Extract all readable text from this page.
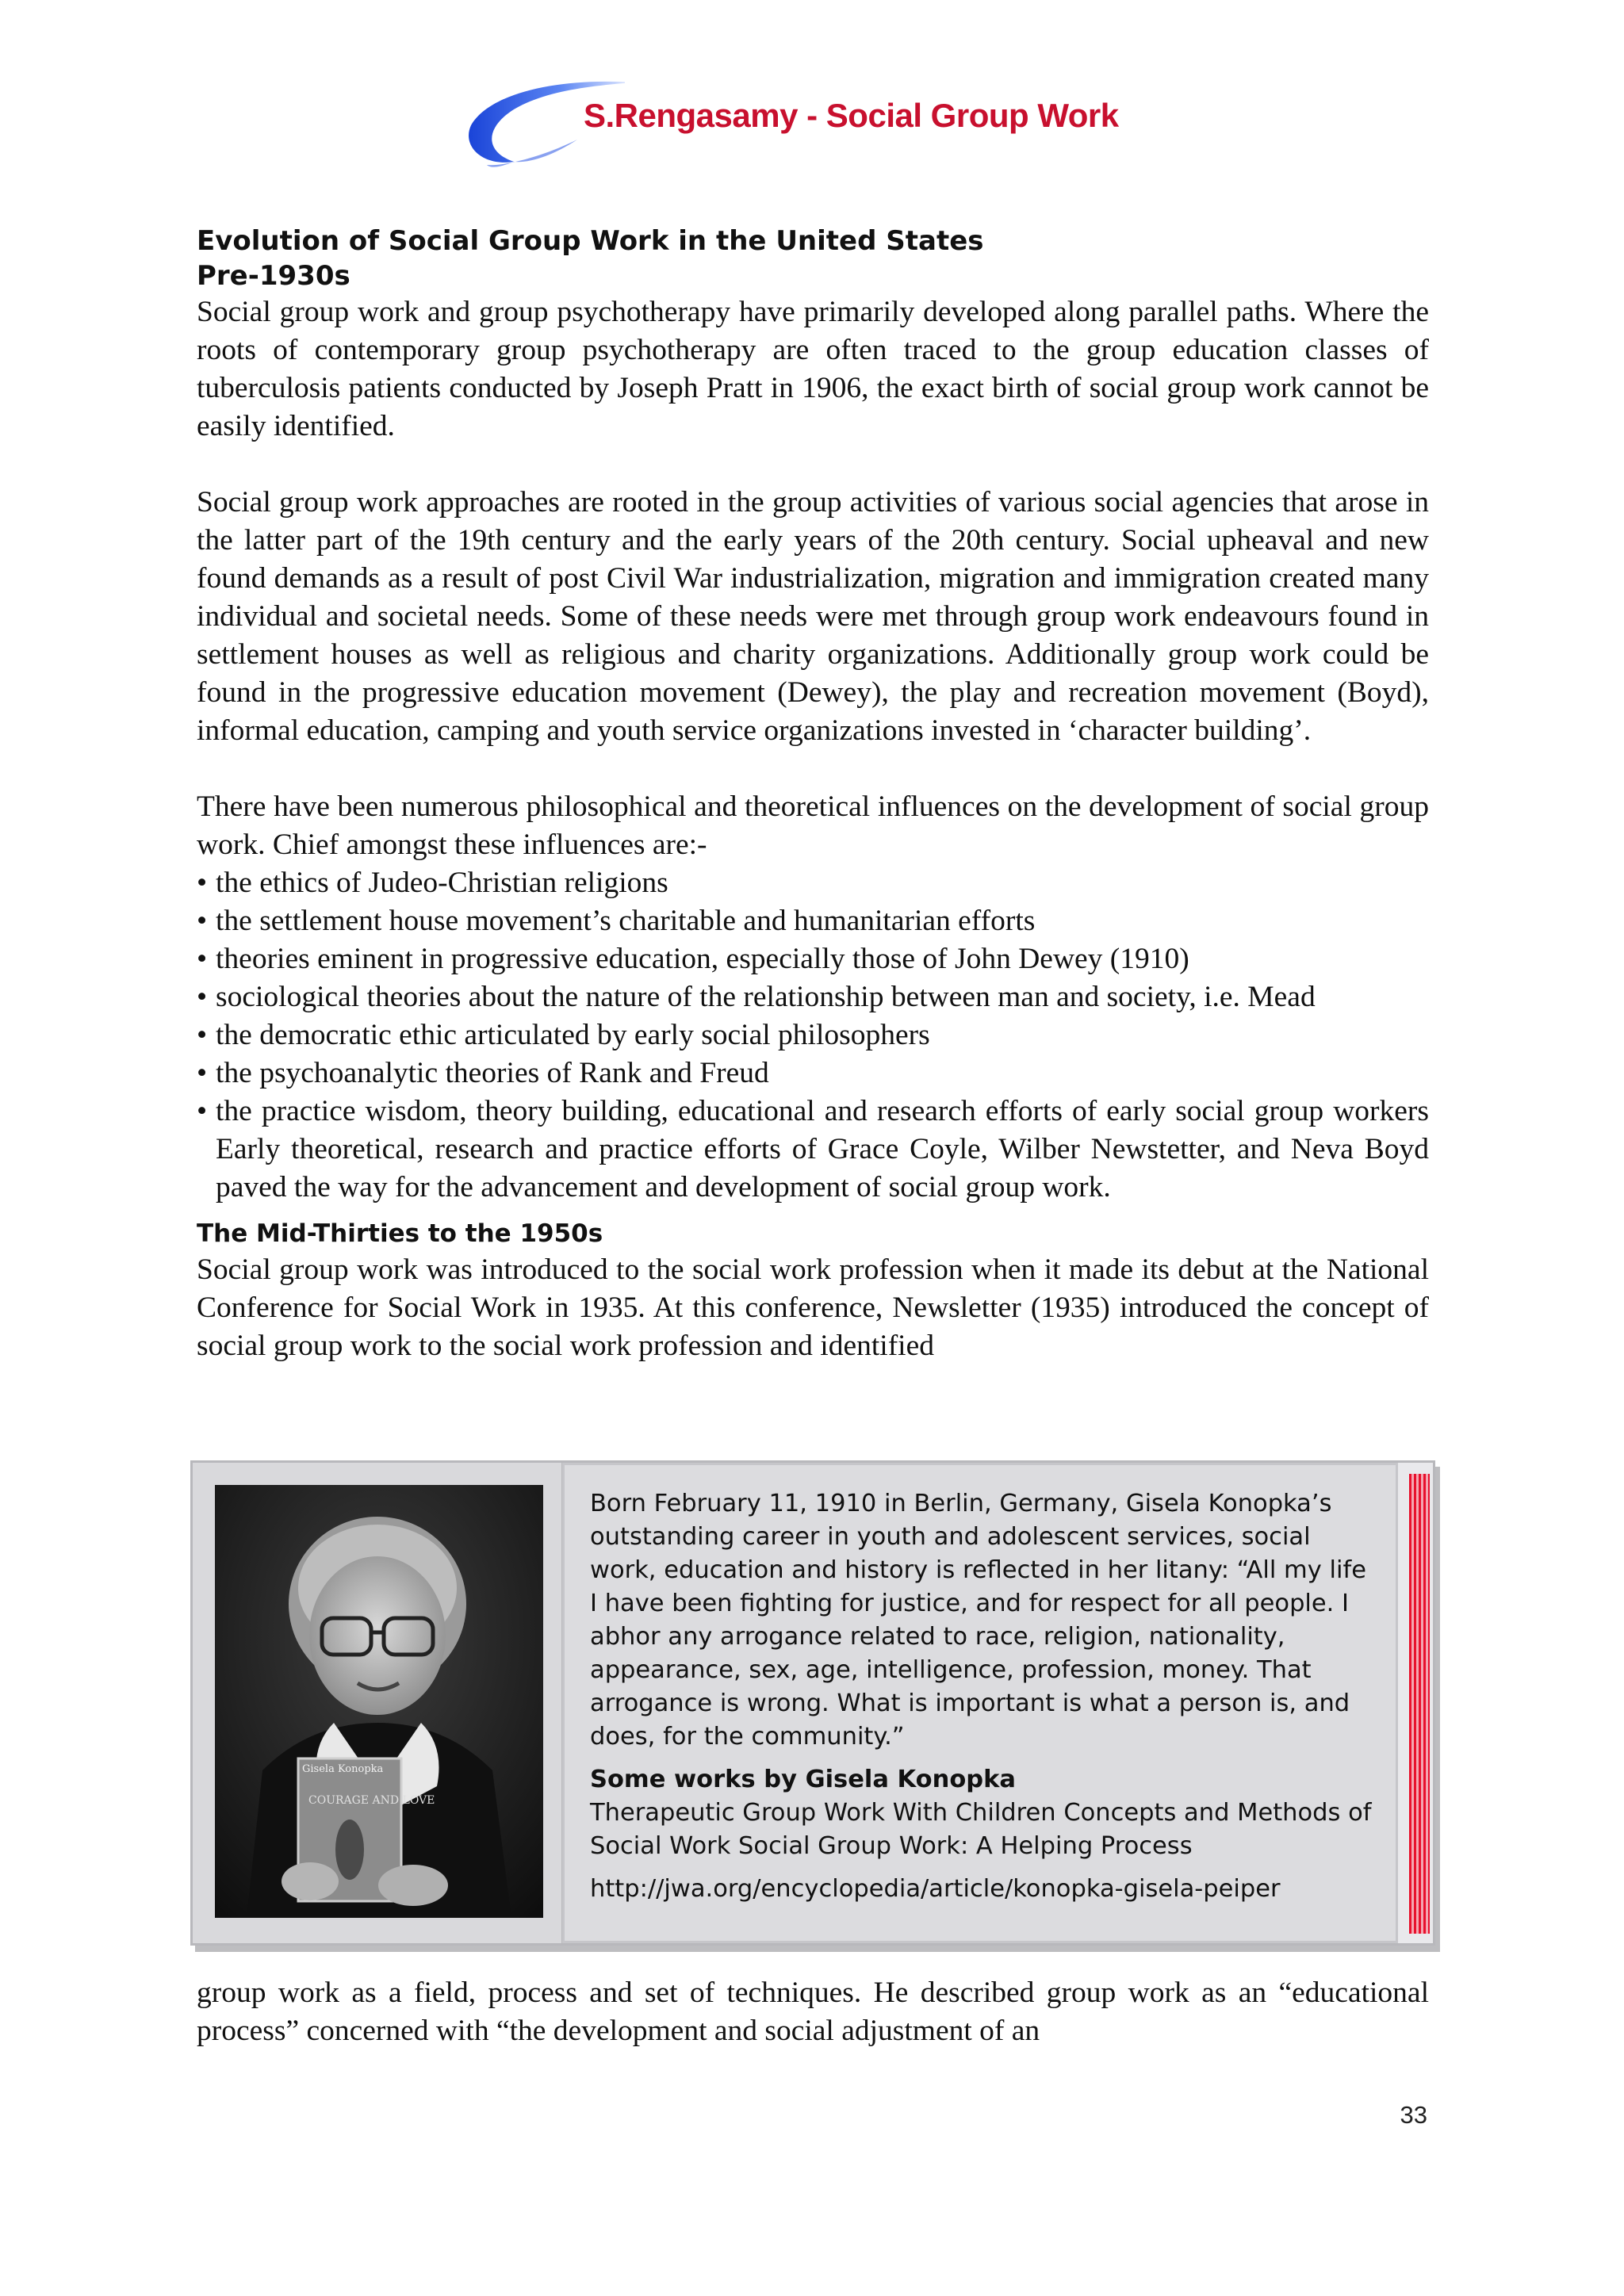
S.Rengasamy - Social Group Work
Evolution of Social Group Work in the United States
Pre-1930s

Social group work and group psychotherapy have primarily developed along parallel paths. Where the roots of contemporary group psychotherapy are often traced to the group education classes of tuberculosis patients conducted by Joseph Pratt in 1906, the exact birth of social group work cannot be easily identified.

Social group work approaches are rooted in the group activities of various social agencies that arose in the latter part of the 19th century and the early years of the 20th century. Social upheaval and new found demands as a result of post Civil War industrialization, migration and immigration created many individual and societal needs. Some of these needs were met through group work endeavours found in settlement houses as well as religious and charity organizations. Additionally group work could be found in the progressive education movement (Dewey), the play and recreation movement (Boyd), informal education, camping and youth service organizations invested in ‘character building’.

There have been numerous philosophical and theoretical influences on the development of social group work. Chief amongst these influences are:-

• the ethics of Judeo-Christian religions
• the settlement house movement’s charitable and humanitarian efforts
• theories eminent in progressive education, especially those of John Dewey (1910)
• sociological theories about the nature of the relationship between man and society, i.e. Mead
• the democratic ethic articulated by early social philosophers
• the psychoanalytic theories of Rank and Freud
• the practice wisdom, theory building, educational and research efforts of early social group workers Early theoretical, research and practice efforts of Grace Coyle, Wilber Newstetter, and Neva Boyd paved the way for the advancement and development of social group work.
The Mid-Thirties to the 1950s

Social group work was introduced to the social work profession when it made its debut at the National Conference for Social Work in 1935. At this conference, Newsletter (1935) introduced the concept of social group work to the social work profession and identified

Gisela Konopka
COURAGE AND LOVE

Born February 11, 1910 in Berlin, Germany, Gisela Konopka’s outstanding career in youth and adolescent services, social work, education and history is reflected in her litany: “All my life I have been fighting for justice, and for respect for all people. I abhor any arrogance related to race, religion, nationality, appearance, sex, age, intelligence, profession, money. That arrogance is wrong. What is important is what a person is, and does, for the community.”

Some works by Gisela Konopka

Therapeutic Group Work With Children Concepts and Methods of Social Work Social Group Work: A Helping Process

http://jwa.org/encyclopedia/article/konopka-gisela-peiper

group work as a field, process and set of techniques. He described group work as an “educational process” concerned with “the development and social adjustment of an

33
